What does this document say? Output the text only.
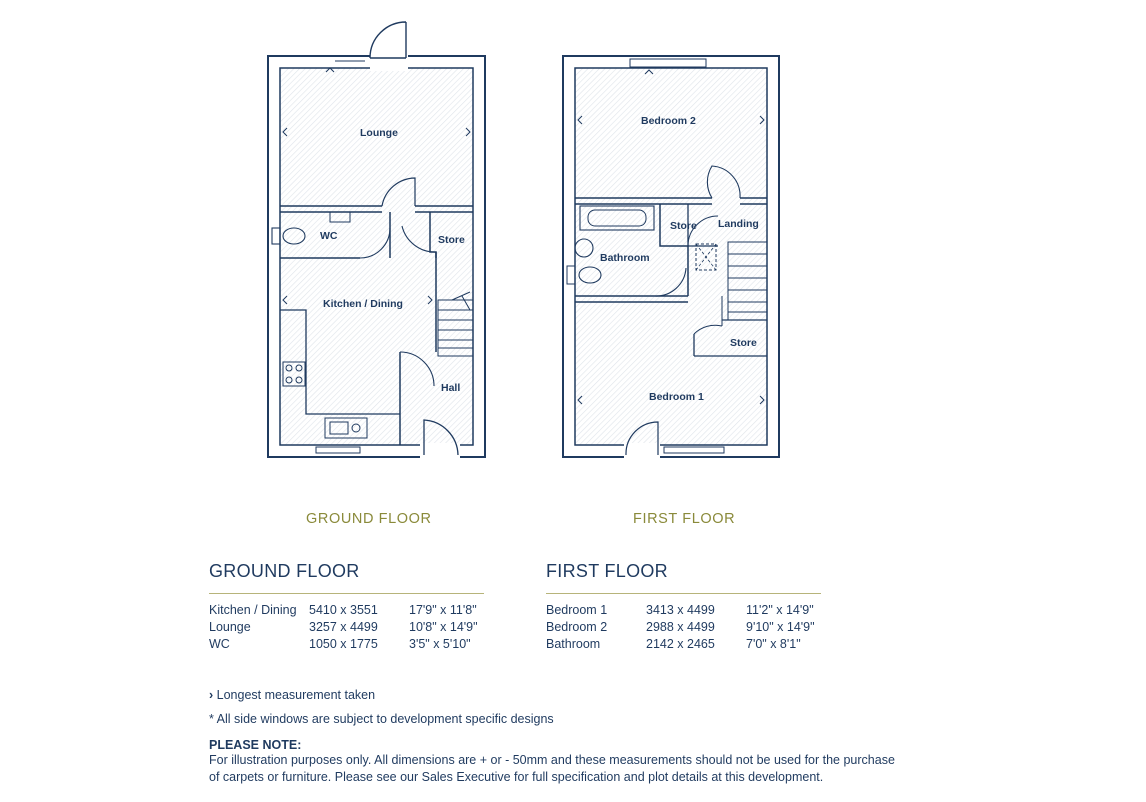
Lounge
WC	Store
Kitchen / Dining
Hall
Bedroom 2
Store Landing
Bathroom
Store
Bedroom 1
GROUND FLOOR	FIRST FLOOR
GROUND FLOOR
Kitchen / Dining 5410 x 3551 17'9" x 11'8"
Lounge	3257 x 4499 10'8" x 14'9"
WC	1050 x 1775 3'5" x 5'10"
FIRST FLOOR
Bedroom 1	3413 x 4499 11'2" x 14'9"
Bedroom 2	2988 x 4499 9'10" x 14'9"
Bathroom	2142 x 2465 7'0" x 8'1"
› Longest measurement taken
* All side windows are subject to development specific designs
PLEASE NOTE:
For illustration purposes only. All dimensions are + or - 50mm and these measurements should not be used for the purchase
of carpets or furniture. Please see our Sales Executive for full specification and plot details at this development.
